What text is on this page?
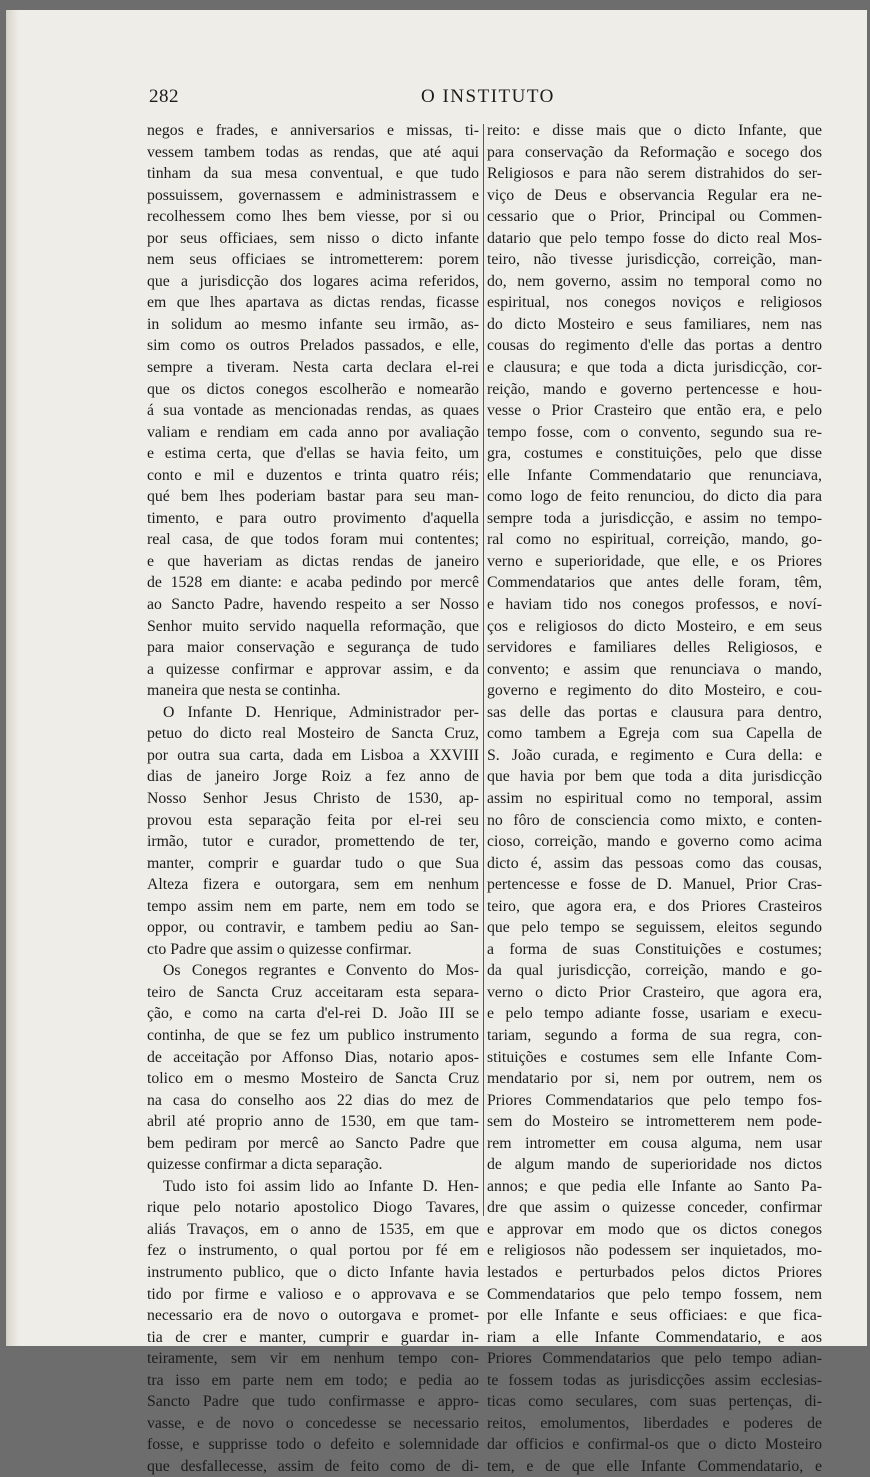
282	O INSTITUTO
negos e frades, e anniversarios e missas, ti-
vessem tambem todas as rendas, que até aqui
tinham da sua mesa conventual, e que tudo
possuissem, governassem e administrassem e
recolhessem como lhes bem viesse, por si ou
por seus officiaes, sem nisso o dicto infante
nem seus officiaes se intrometterem: porem
que a jurisdicção dos logares acima referidos,
em que lhes apartava as dictas rendas, ficasse
in solidum ao mesmo infante seu irmão, as-
sim como os outros Prelados passados, e elle,
sempre a tiveram. Nesta carta declara el-rei
que os dictos conegos escolherão e nomearão
á sua vontade as mencionadas rendas, as quaes
valiam e rendiam em cada anno por avaliação
e estima certa, que d'ellas se havia feito, um
conto e mil e duzentos e trinta quatro réis;
qué bem lhes poderiam bastar para seu man-
timento, e para outro provimento d'aquella
real casa, de que todos foram mui contentes;
e que haveriam as dictas rendas de janeiro
de 1528 em diante: e acaba pedindo por mercê
ao Sancto Padre, havendo respeito a ser Nosso
Senhor muito servido naquella reformação, que
para maior conservação e segurança de tudo
a quizesse confirmar e approvar assim, e da
maneira que nesta se continha.
O Infante D. Henrique, Administrador per-
petuo do dicto real Mosteiro de Sancta Cruz,
por outra sua carta, dada em Lisboa a XXVIII
dias de janeiro Jorge Roiz a fez anno de
Nosso Senhor Jesus Christo de 1530, ap-
provou esta separação feita por el-rei seu
irmão, tutor e curador, promettendo de ter,
manter, comprir e guardar tudo o que Sua
Alteza fizera e outorgara, sem em nenhum
tempo assim nem em parte, nem em todo se
oppor, ou contravir, e tambem pediu ao San-
cto Padre que assim o quizesse confirmar.
Os Conegos regrantes e Convento do Mos-
teiro de Sancta Cruz acceitaram esta separa-
ção, e como na carta d'el-rei D. João III se
continha, de que se fez um publico instrumento
de acceitação por Affonso Dias, notario apos-
tolico em o mesmo Mosteiro de Sancta Cruz
na casa do conselho aos 22 dias do mez de
abril até proprio anno de 1530, em que tam-
bem pediram por mercê ao Sancto Padre que
quizesse confirmar a dicta separação.
Tudo isto foi assim lido ao Infante D. Hen-
rique pelo notario apostolico Diogo Tavares,
aliás Travaços, em o anno de 1535, em que
fez o instrumento, o qual portou por fé em
instrumento publico, que o dicto Infante havia
tido por firme e valioso e o approvava e se
necessario era de novo o outorgava e promet-
tia de crer e manter, cumprir e guardar in-
teiramente, sem vir em nenhum tempo con-
tra isso em parte nem em todo; e pedia ao
Sancto Padre que tudo confirmasse e appro-
vasse, e de novo o concedesse se necessario
fosse, e supprisse todo o defeito e solemnidade
que desfallecesse, assim de feito como de di-
reito: e disse mais que o dicto Infante, que
para conservação da Reformação e socego dos
Religiosos e para não serem distrahidos do ser-
viço de Deus e observancia Regular era ne-
cessario que o Prior, Principal ou Commen-
datario que pelo tempo fosse do dicto real Mos-
teiro, não tivesse jurisdicção, correição, man-
do, nem governo, assim no temporal como no
espiritual, nos conegos noviços e religiosos
do dicto Mosteiro e seus familiares, nem nas
cousas do regimento d'elle das portas a dentro
e clausura; e que toda a dicta jurisdicção, cor-
reição, mando e governo pertencesse e hou-
vesse o Prior Crasteiro que então era, e pelo
tempo fosse, com o convento, segundo sua re-
gra, costumes e constituições, pelo que disse
elle Infante Commendatario que renunciava,
como logo de feito renunciou, do dicto dia para
sempre toda a jurisdicção, e assim no tempo-
ral como no espiritual, correição, mando, go-
verno e superioridade, que elle, e os Priores
Commendatarios que antes delle foram, têm,
e haviam tido nos conegos professos, e noví-
ços e religiosos do dicto Mosteiro, e em seus
servidores e familiares delles Religiosos, e
convento; e assim que renunciava o mando,
governo e regimento do dito Mosteiro, e cou-
sas delle das portas e clausura para dentro,
como tambem a Egreja com sua Capella de
S. João curada, e regimento e Cura della: e
que havia por bem que toda a dita jurisdicção
assim no espiritual como no temporal, assim
no fôro de consciencia como mixto, e conten-
cioso, correição, mando e governo como acima
dicto é, assim das pessoas como das cousas,
pertencesse e fosse de D. Manuel, Prior Cras-
teiro, que agora era, e dos Priores Crasteiros
que pelo tempo se seguissem, eleitos segundo
a forma de suas Constituições e costumes;
da qual jurisdicção, correição, mando e go-
verno o dicto Prior Crasteiro, que agora era,
e pelo tempo adiante fosse, usariam e execu-
tariam, segundo a forma de sua regra, con-
stituições e costumes sem elle Infante Com-
mendatario por si, nem por outrem, nem os
Priores Commendatarios que pelo tempo fos-
sem do Mosteiro se intrometterem nem pode-
rem intrometter em cousa alguma, nem usar
de algum mando de superioridade nos dictos
annos; e que pedia elle Infante ao Santo Pa-
dre que assim o quizesse conceder, confirmar
e approvar em modo que os dictos conegos
e religiosos não podessem ser inquietados, mo-
lestados e perturbados pelos dictos Priores
Commendatarios que pelo tempo fossem, nem
por elle Infante e seus officiaes: e que fica-
riam a elle Infante Commendatario, e aos
Priores Commendatarios que pelo tempo adian-
te fossem todas as jurisdicções assim ecclesias-
ticas como seculares, com suas pertenças, di-
reitos, emolumentos, liberdades e poderes de
dar officios e confirmal-os que o dicto Mosteiro
tem, e de que elle Infante Commendatario, e
